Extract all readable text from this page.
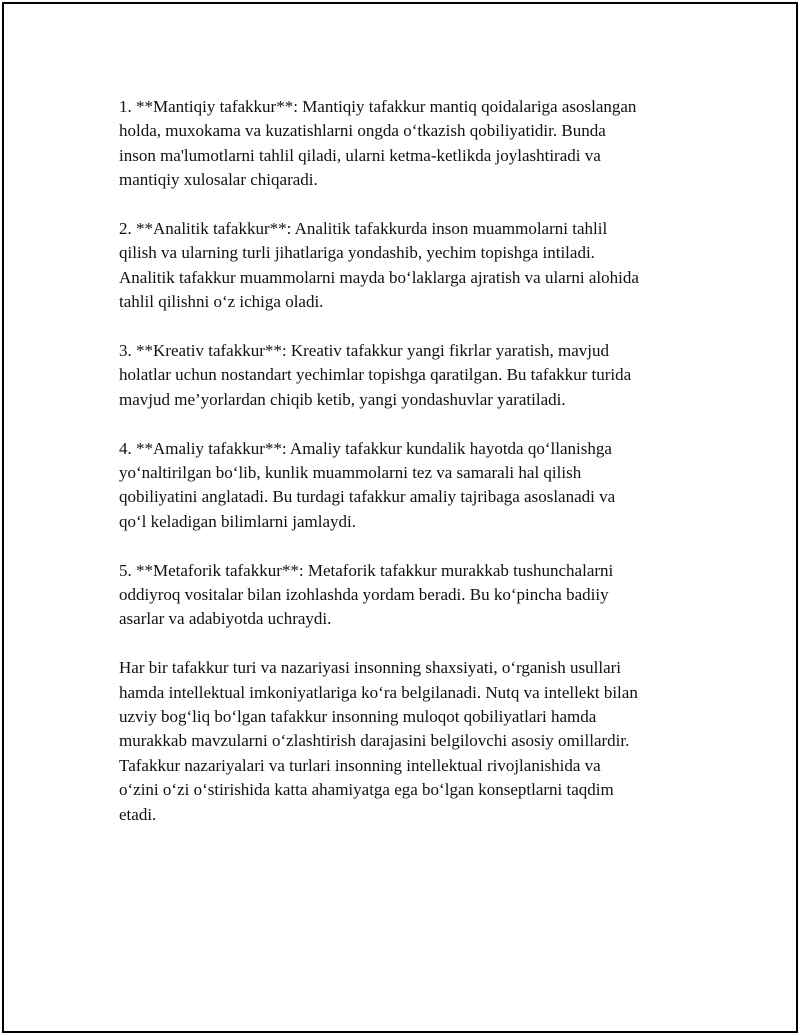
1. **Mantiqiy tafakkur**: Mantiqiy tafakkur mantiq qoidalariga asoslangan
holda, muxokama va kuzatishlarni ongda o‘tkazish qobiliyatidir. Bunda
inson ma'lumotlarni tahlil qiladi, ularni ketma-ketlikda joylashtiradi va
mantiqiy xulosalar chiqaradi.

2. **Analitik tafakkur**: Analitik tafakkurda inson muammolarni tahlil
qilish va ularning turli jihatlariga yondashib, yechim topishga intiladi.
Analitik tafakkur muammolarni mayda bo‘laklarga ajratish va ularni alohida
tahlil qilishni o‘z ichiga oladi.

3. **Kreativ tafakkur**: Kreativ tafakkur yangi fikrlar yaratish, mavjud
holatlar uchun nostandart yechimlar topishga qaratilgan. Bu tafakkur turida
mavjud me’yorlardan chiqib ketib, yangi yondashuvlar yaratiladi.

4. **Amaliy tafakkur**: Amaliy tafakkur kundalik hayotda qo‘llanishga
yo‘naltirilgan bo‘lib, kunlik muammolarni tez va samarali hal qilish
qobiliyatini anglatadi. Bu turdagi tafakkur amaliy tajribaga asoslanadi va
qo‘l keladigan bilimlarni jamlaydi.

5. **Metaforik tafakkur**: Metaforik tafakkur murakkab tushunchalarni
oddiyroq vositalar bilan izohlashda yordam beradi. Bu ko‘pincha badiiy
asarlar va adabiyotda uchraydi.

Har bir tafakkur turi va nazariyasi insonning shaxsiyati, o‘rganish usullari
hamda intellektual imkoniyatlariga ko‘ra belgilanadi. Nutq va intellekt bilan
uzviy bog‘liq bo‘lgan tafakkur insonning muloqot qobiliyatlari hamda
murakkab mavzularni o‘zlashtirish darajasini belgilovchi asosiy omillardir.
Tafakkur nazariyalari va turlari insonning intellektual rivojlanishida va
o‘zini o‘zi o‘stirishida katta ahamiyatga ega bo‘lgan konseptlarni taqdim
etadi.
